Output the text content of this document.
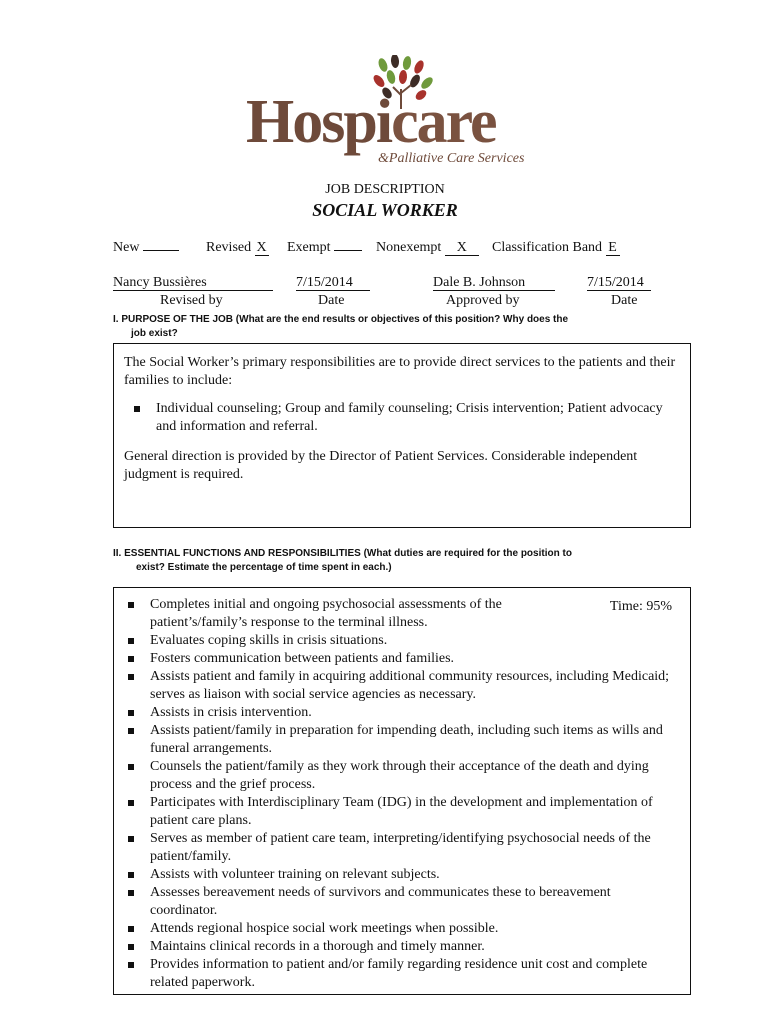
Hospicare
&Palliative Care Services
JOB DESCRIPTION
SOCIAL WORKER
New	Revised X Exempt	Nonexempt X	Classification Band E
Nancy Bussières
Revised by
7/15/2014
Date
Dale B. Johnson
Approved by
7/15/2014
Date
I. PURPOSE OF THE JOB (What are the end results or objectives of this position? Why does the
job exist?

The Social Worker’s primary responsibilities are to provide direct services to the patients and their families to include:

Individual counseling; Group and family counseling; Crisis intervention; Patient advocacy and information and referral.

General direction is provided by the Director of Patient Services. Considerable independent judgment is required.

II. ESSENTIAL FUNCTIONS AND RESPONSIBILITIES (What duties are required for the position to
exist? Estimate the percentage of time spent in each.)
Time: 95%
Completes initial and ongoing psychosocial assessments of the patient’s/family’s response to the terminal illness.
Evaluates coping skills in crisis situations.
Fosters communication between patients and families.
Assists patient and family in acquiring additional community resources, including Medicaid; serves as liaison with social service agencies as necessary.
Assists in crisis intervention.
Assists patient/family in preparation for impending death, including such items as wills and funeral arrangements.
Counsels the patient/family as they work through their acceptance of the death and dying process and the grief process.
Participates with Interdisciplinary Team (IDG) in the development and implementation of patient care plans.
Serves as member of patient care team, interpreting/identifying psychosocial needs of the patient/family.
Assists with volunteer training on relevant subjects.
Assesses bereavement needs of survivors and communicates these to bereavement coordinator.
Attends regional hospice social work meetings when possible.
Maintains clinical records in a thorough and timely manner.
Provides information to patient and/or family regarding residence unit cost and complete related paperwork.
